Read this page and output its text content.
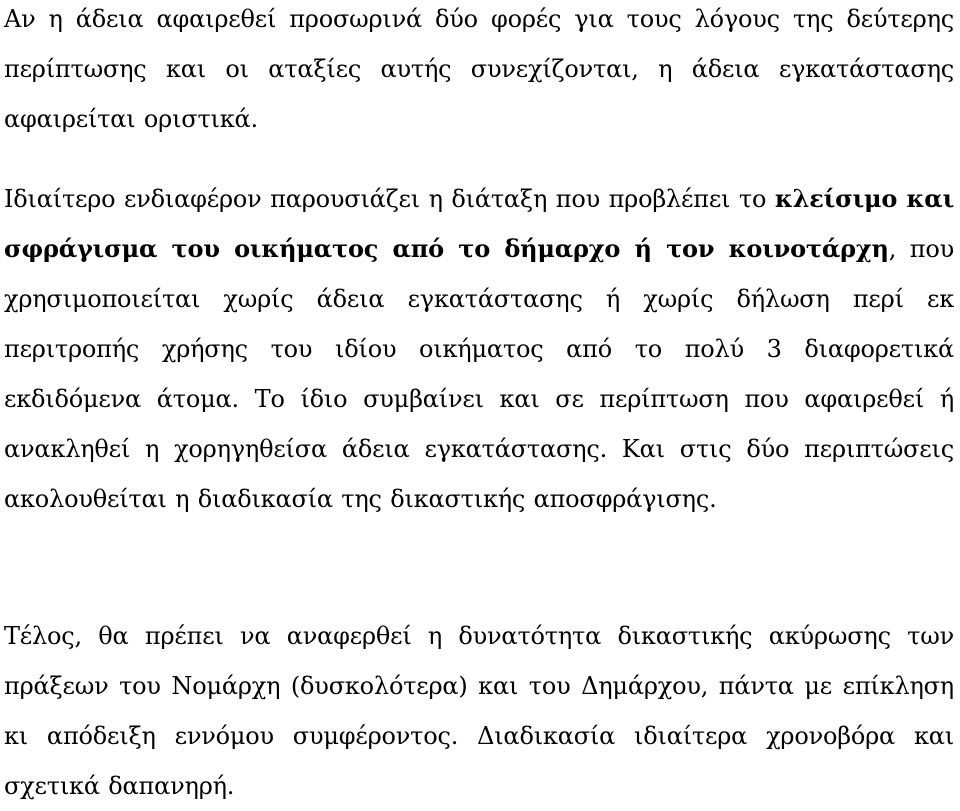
Αν η άδεια αφαιρεθεί προσωρινά δύο φορές για τους λόγους της δεύτερης περίπτωσης και οι αταξίες αυτής συνεχίζονται, η άδεια εγκατάστασης αφαιρείται οριστικά.

Ιδιαίτερο ενδιαφέρον παρουσιάζει η διάταξη που προβλέπει το κλείσιμο και σφράγισμα του οικήματος από το δήμαρχο ή τον κοινοτάρχη, που χρησιμοποιείται χωρίς άδεια εγκατάστασης ή χωρίς δήλωση περί εκ περιτροπής χρήσης του ιδίου οικήματος από το πολύ 3 διαφορετικά εκδιδόμενα άτομα. Το ίδιο συμβαίνει και σε περίπτωση που αφαιρεθεί ή ανακληθεί η χορηγηθείσα άδεια εγκατάστασης. Και στις δύο περιπτώσεις ακολουθείται η διαδικασία της δικαστικής αποσφράγισης.

Τέλος, θα πρέπει να αναφερθεί η δυνατότητα δικαστικής ακύρωσης των πράξεων του Νομάρχη (δυσκολότερα) και του Δημάρχου, πάντα με επίκληση κι απόδειξη εννόμου συμφέροντος. Διαδικασία ιδιαίτερα χρονοβόρα και σχετικά δαπανηρή.
